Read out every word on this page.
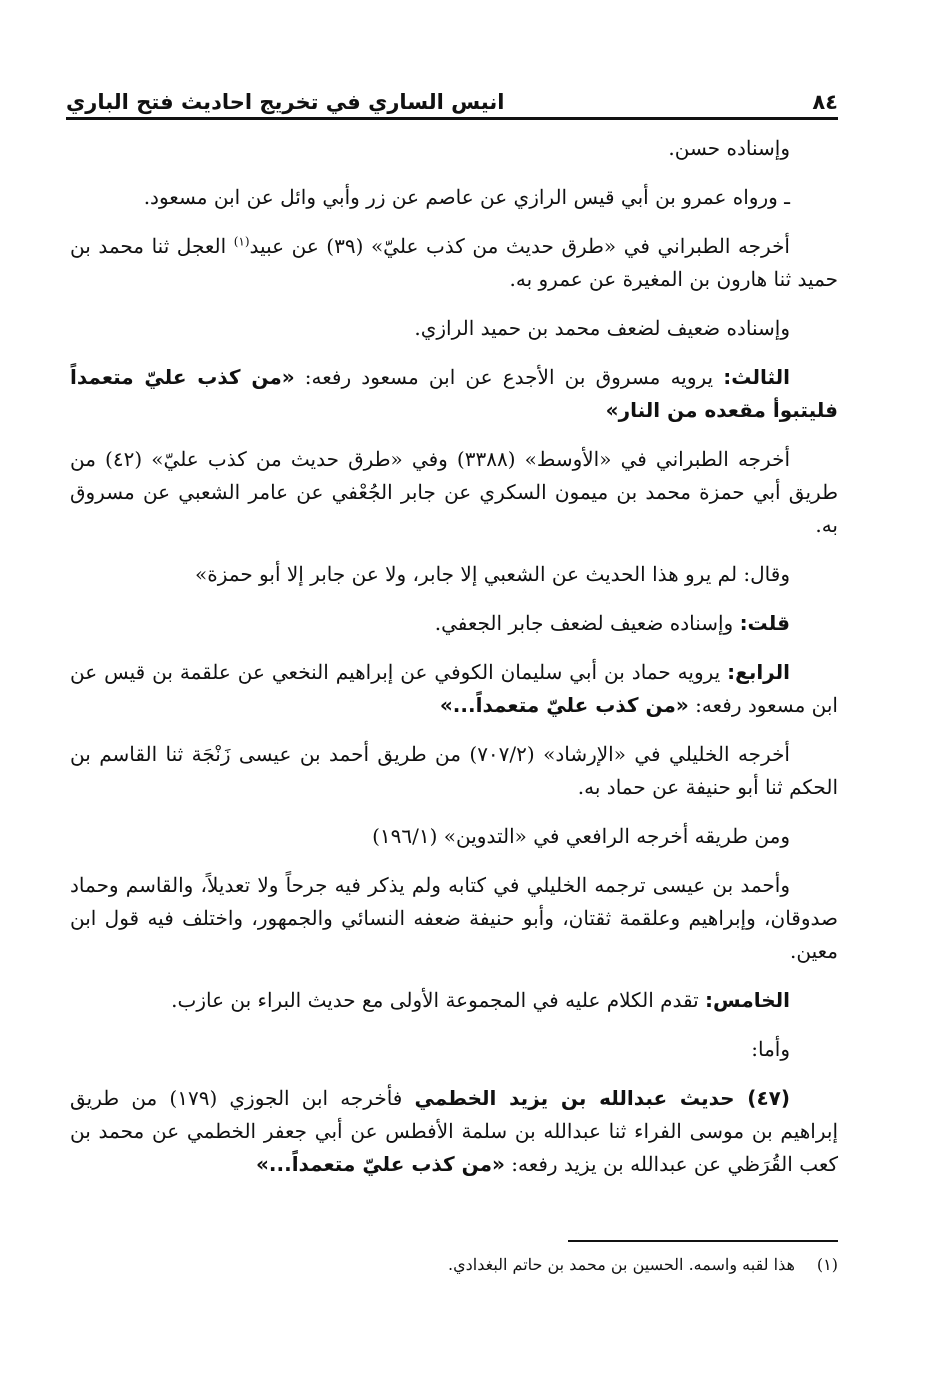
٨٤
انيس الساري في تخريج احاديث فتح الباري

وإسناده حسن.

ـ ورواه عمرو بن أبي قيس الرازي عن عاصم عن زر وأبي وائل عن ابن مسعود.

أخرجه الطبراني في «طرق حديث من كذب عليّ» (٣٩) عن عبيد$^{(١)}$ العجل ثنا محمد بن حميد ثنا هارون بن المغيرة عن عمرو به.

وإسناده ضعيف لضعف محمد بن حميد الرازي.

الثالث: يرويه مسروق بن الأجدع عن ابن مسعود رفعه: «من كذب عليّ متعمداً فليتبوأ مقعده من النار»

أخرجه الطبراني في «الأوسط» (٣٣٨٨) وفي «طرق حديث من كذب عليّ» (٤٢) من طريق أبي حمزة محمد بن ميمون السكري عن جابر الجُعْفي عن عامر الشعبي عن مسروق به.

وقال: لم يرو هذا الحديث عن الشعبي إلا جابر، ولا عن جابر إلا أبو حمزة»

قلت: وإسناده ضعيف لضعف جابر الجعفي.

الرابع: يرويه حماد بن أبي سليمان الكوفي عن إبراهيم النخعي عن علقمة بن قيس عن ابن مسعود رفعه: «من كذب عليّ متعمداً...»

أخرجه الخليلي في «الإرشاد» (٧٠٧/٢) من طريق أحمد بن عيسى زَنْجَة ثنا القاسم بن الحكم ثنا أبو حنيفة عن حماد به.

ومن طريقه أخرجه الرافعي في «التدوين» (١٩٦/١)

وأحمد بن عيسى ترجمه الخليلي في كتابه ولم يذكر فيه جرحاً ولا تعديلاً، والقاسم وحماد صدوقان، وإبراهيم وعلقمة ثقتان، وأبو حنيفة ضعفه النسائي والجمهور، واختلف فيه قول ابن معين.

الخامس: تقدم الكلام عليه في المجموعة الأولى مع حديث البراء بن عازب.

وأما:

(٤٧) حديث عبدالله بن يزيد الخطمي فأخرجه ابن الجوزي (١٧٩) من طريق إبراهيم بن موسى الفراء ثنا عبدالله بن سلمة الأفطس عن أبي جعفر الخطمي عن محمد بن كعب القُرَظي عن عبدالله بن يزيد رفعه: «من كذب عليّ متعمداً...»

(١)هذا لقبه واسمه. الحسين بن محمد بن حاتم البغدادي.
